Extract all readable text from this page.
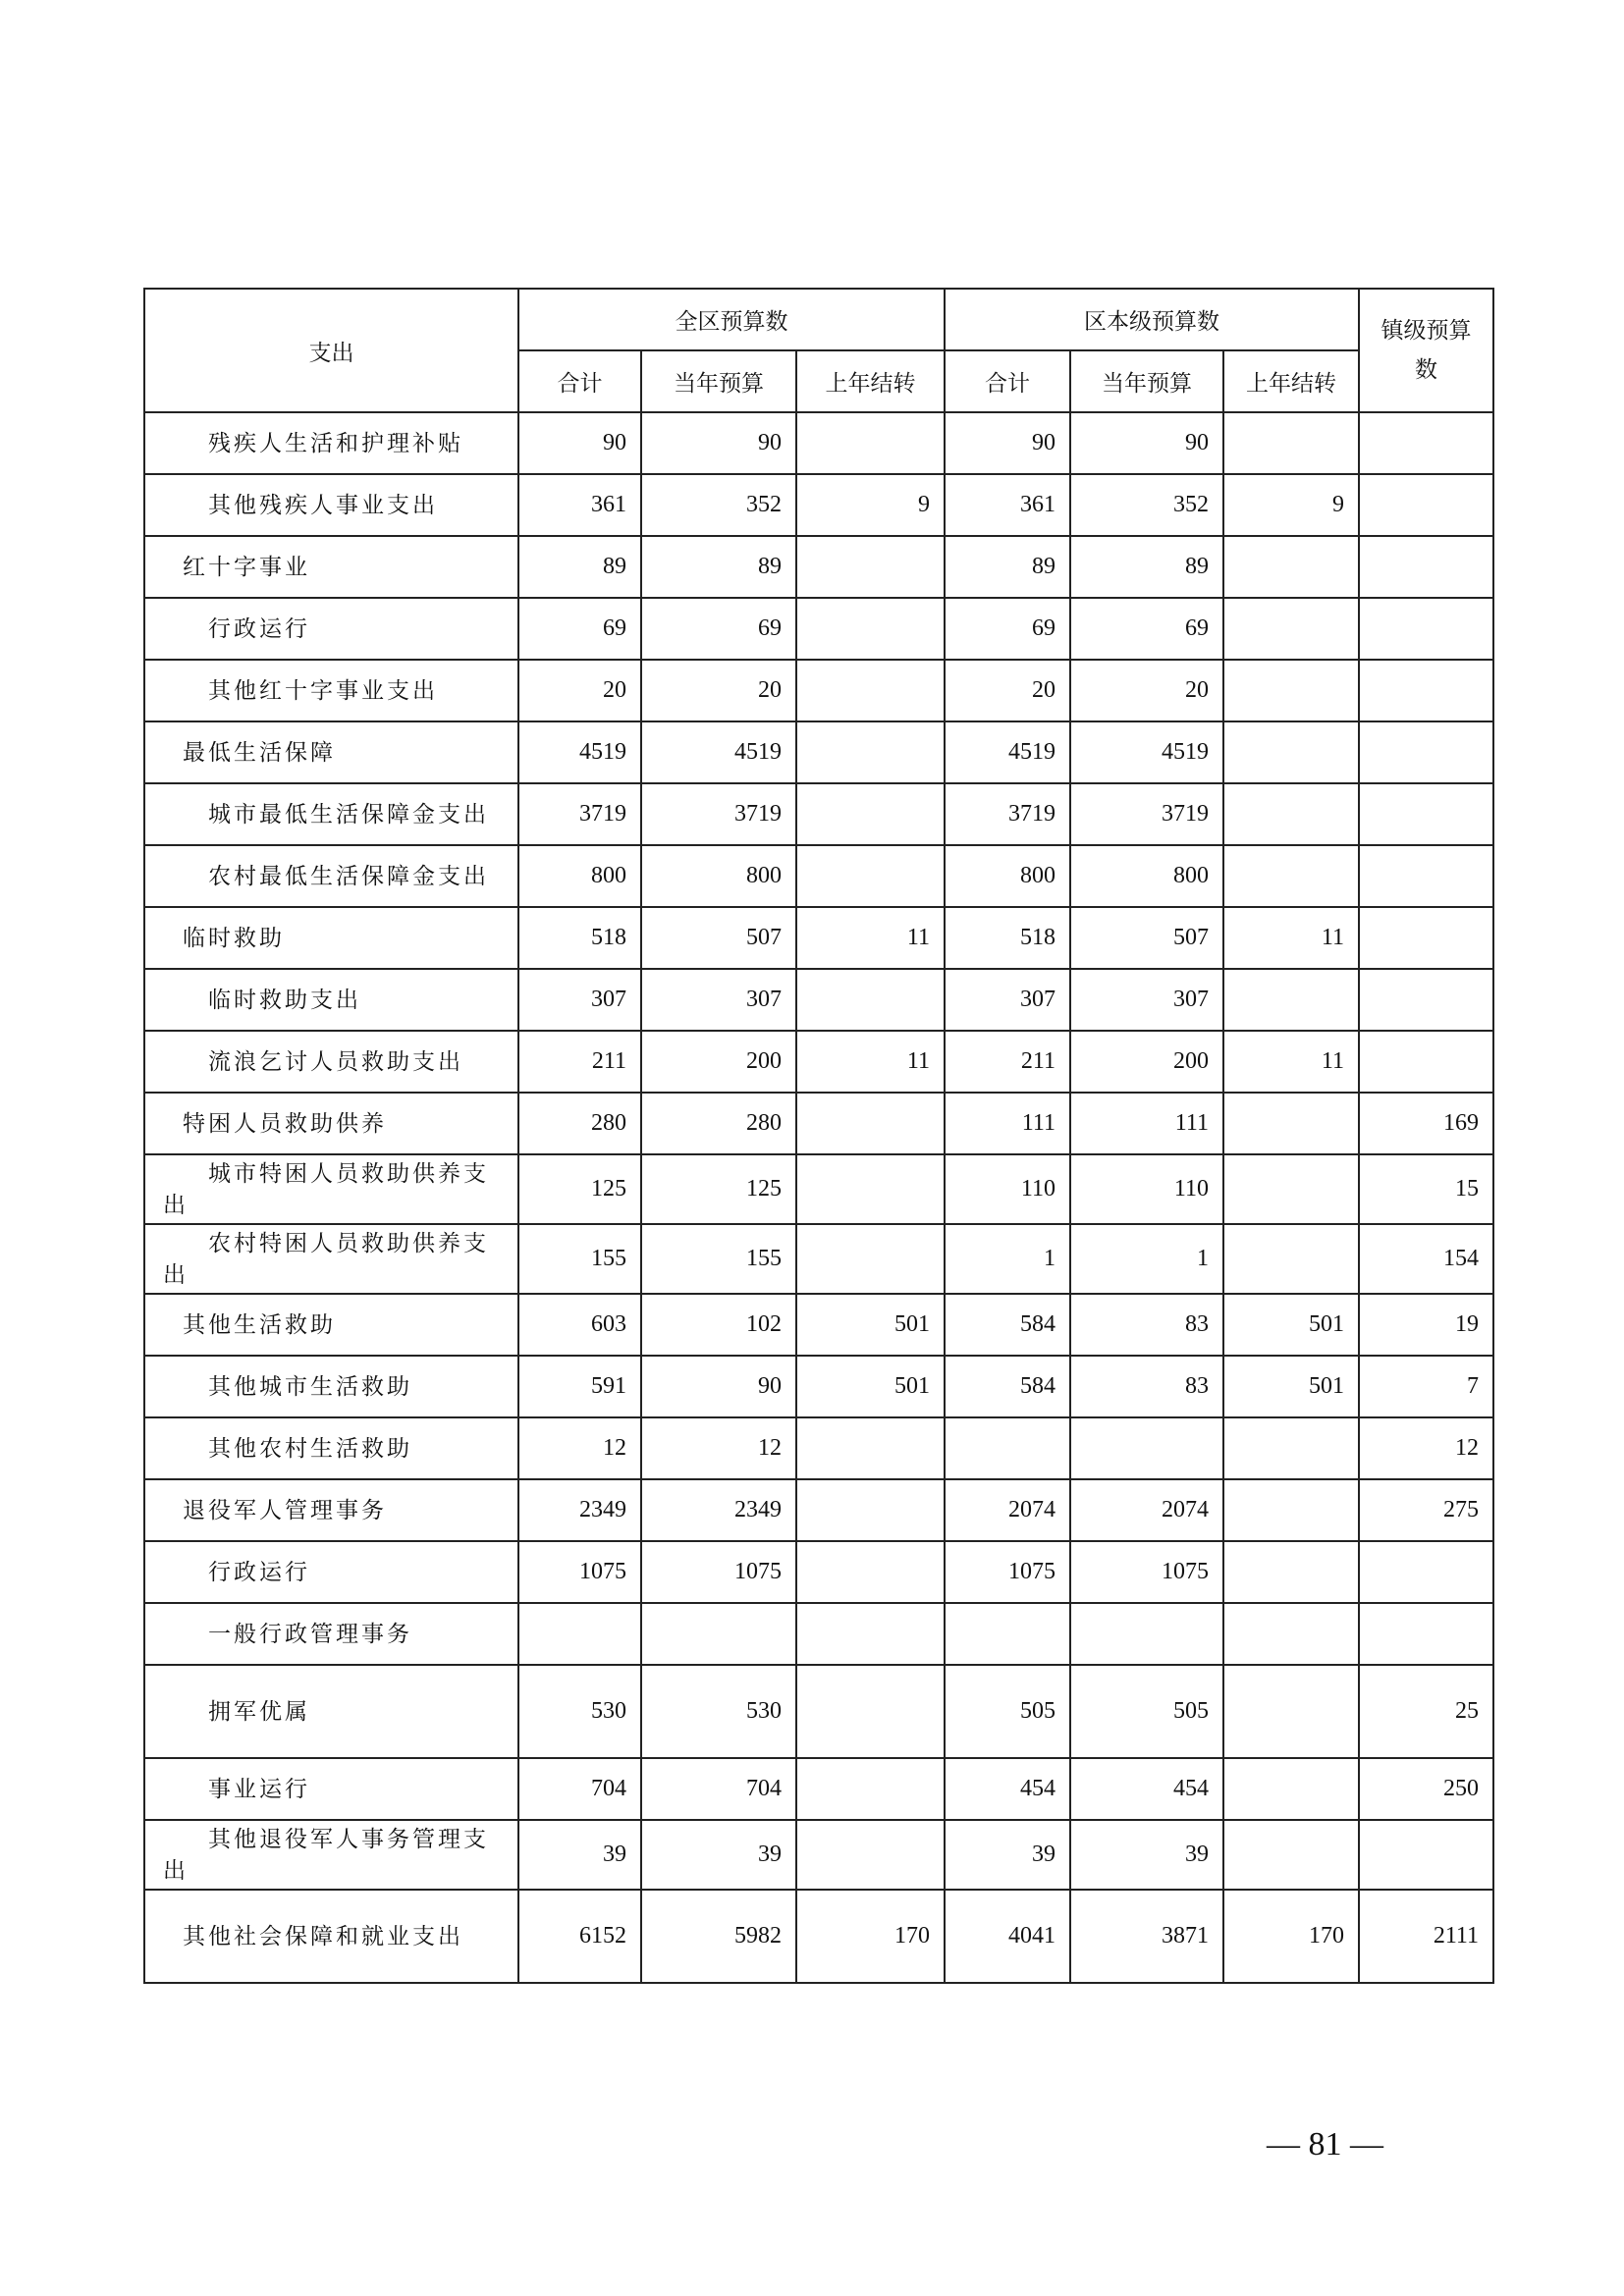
支出	全区预算数			区本级预算数			镇级预算
数
	合计	当年预算	上年结转	合计	当年预算	上年结转	
残疾人生活和护理补贴	90	90		90	90		
其他残疾人事业支出	361	352	9	361	352	9	
红十字事业	89	89		89	89		
行政运行	69	69		69	69		
其他红十字事业支出	20	20		20	20		
最低生活保障	4519	4519		4519	4519		
城市最低生活保障金支出	3719	3719		3719	3719		
农村最低生活保障金支出	800	800		800	800		
临时救助	518	507	11	518	507	11	
临时救助支出	307	307		307	307		
流浪乞讨人员救助支出	211	200	11	211	200	11	
特困人员救助供养	280	280		111	111		169
城市特困人员救助供养支出	125	125		110	110		15
农村特困人员救助供养支出	155	155		1	1		154
其他生活救助	603	102	501	584	83	501	19
其他城市生活救助	591	90	501	584	83	501	7
其他农村生活救助	12	12					12
退役军人管理事务	2349	2349		2074	2074		275
行政运行	1075	1075		1075	1075		
一般行政管理事务							
拥军优属	530	530		505	505		25
事业运行	704	704		454	454		250
其他退役军人事务管理支出	39	39		39	39		
其他社会保障和就业支出	6152	5982	170	4041	3871	170	2111
— 81 —
